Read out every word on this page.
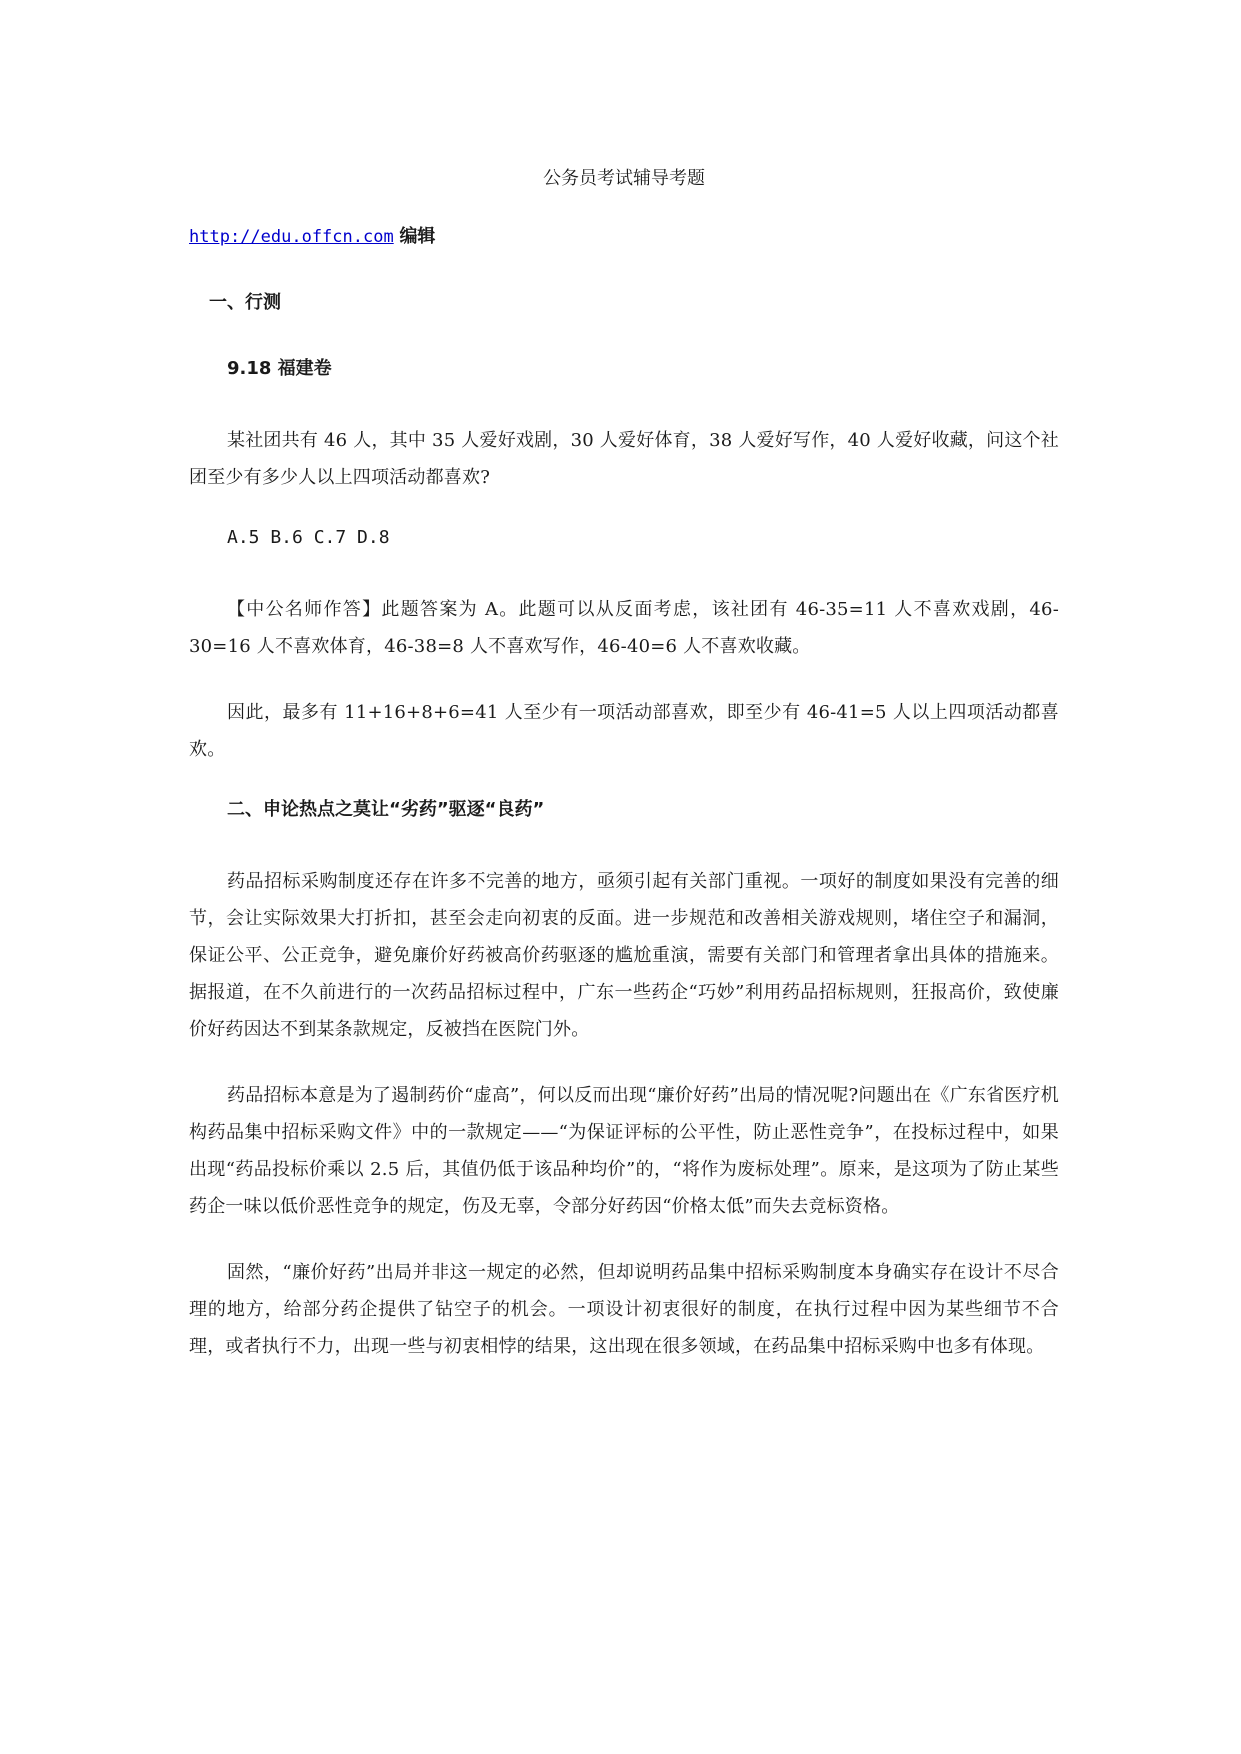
公务员考试辅导考题
http://edu.offcn.com 编辑
一、行测
9.18 福建卷

某社团共有 46 人，其中 35 人爱好戏剧，30 人爱好体育，38 人爱好写作，40 人爱好收藏，问这个社团至少有多少人以上四项活动都喜欢?

A.5 B.6 C.7 D.8

【中公名师作答】此题答案为 A。此题可以从反面考虑，该社团有 46-35=11 人不喜欢戏剧，46-30=16 人不喜欢体育，46-38=8 人不喜欢写作，46-40=6 人不喜欢收藏。

因此，最多有 11+16+8+6=41 人至少有一项活动部喜欢，即至少有 46-41=5 人以上四项活动都喜欢。

二、申论热点之莫让“劣药”驱逐“良药”

药品招标采购制度还存在许多不完善的地方，亟须引起有关部门重视。一项好的制度如果没有完善的细节，会让实际效果大打折扣，甚至会走向初衷的反面。进一步规范和改善相关游戏规则，堵住空子和漏洞，保证公平、公正竞争，避免廉价好药被高价药驱逐的尴尬重演，需要有关部门和管理者拿出具体的措施来。据报道，在不久前进行的一次药品招标过程中，广东一些药企“巧妙”利用药品招标规则，狂报高价，致使廉价好药因达不到某条款规定，反被挡在医院门外。

药品招标本意是为了遏制药价“虚高”，何以反而出现“廉价好药”出局的情况呢?问题出在《广东省医疗机构药品集中招标采购文件》中的一款规定——“为保证评标的公平性，防止恶性竞争”，在投标过程中，如果出现“药品投标价乘以 2.5 后，其值仍低于该品种均价”的，“将作为废标处理”。原来，是这项为了防止某些药企一味以低价恶性竞争的规定，伤及无辜，令部分好药因“价格太低”而失去竞标资格。

固然，“廉价好药”出局并非这一规定的必然，但却说明药品集中招标采购制度本身确实存在设计不尽合理的地方，给部分药企提供了钻空子的机会。一项设计初衷很好的制度，在执行过程中因为某些细节不合理，或者执行不力，出现一些与初衷相悖的结果，这出现在很多领域，在药品集中招标采购中也多有体现。
